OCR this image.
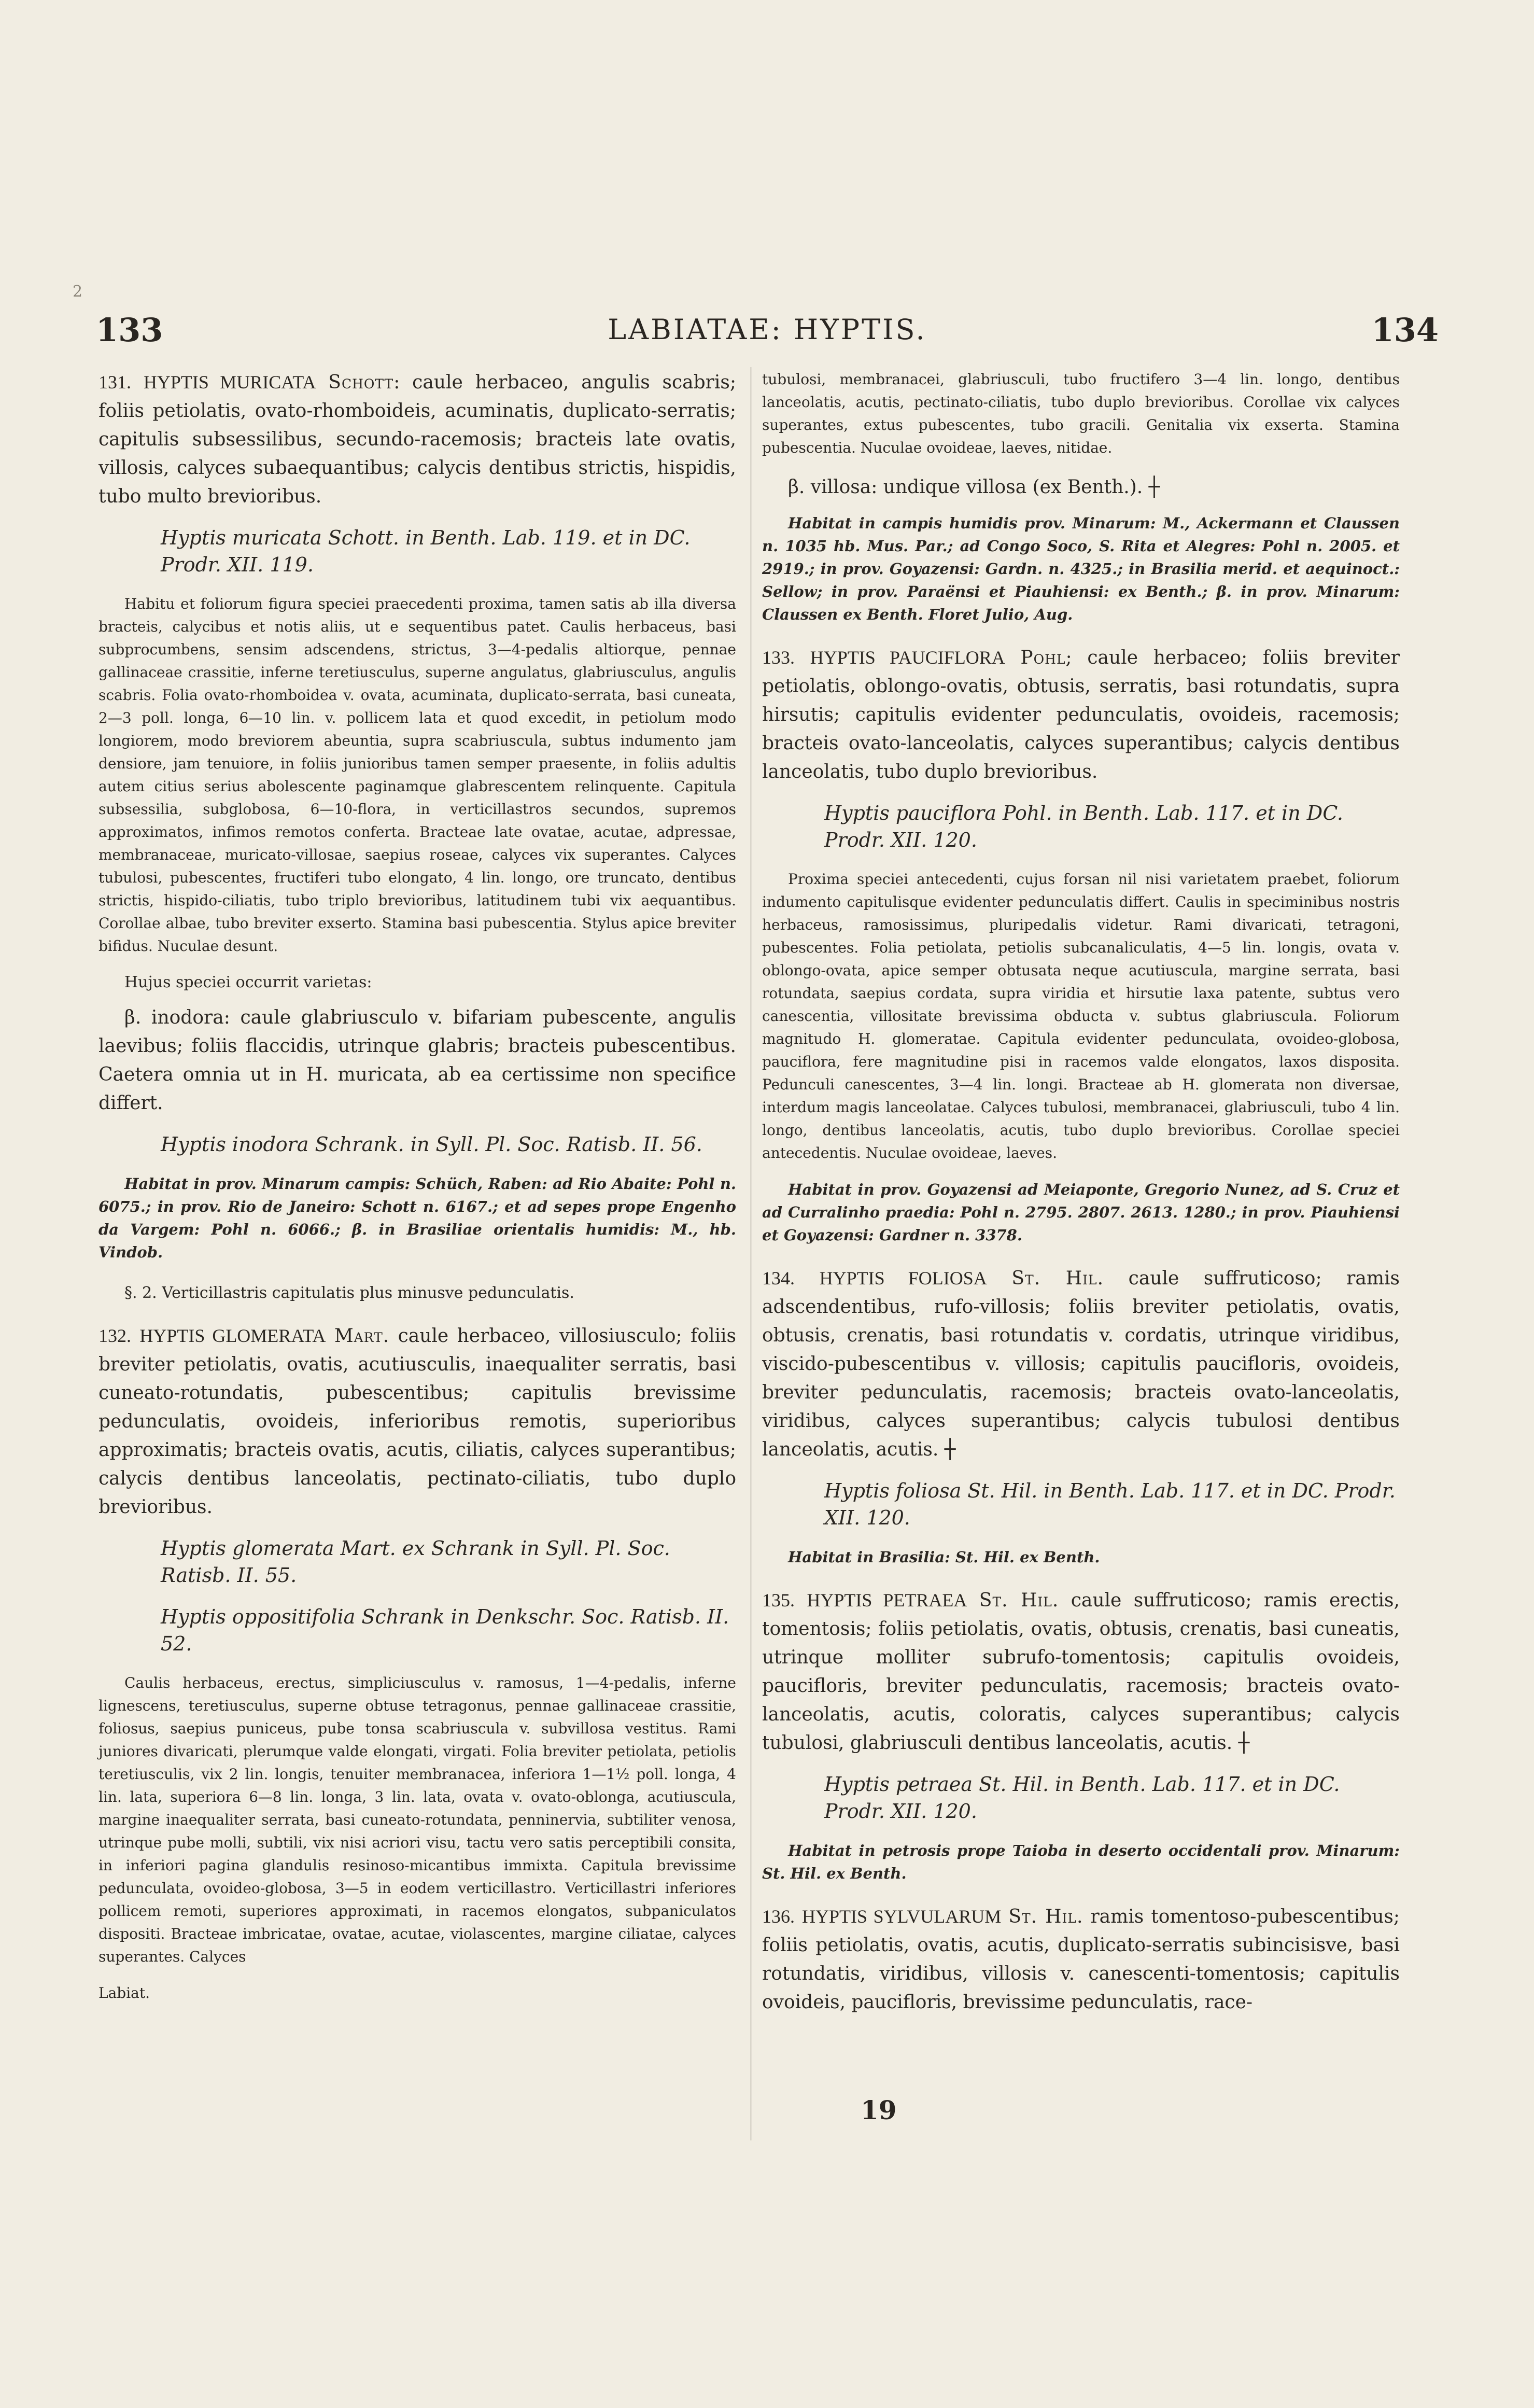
2
133	LABIATAE: HYPTIS.	134

131. HYPTIS MURICATA Schott: caule herbaceo, angulis scabris; foliis petiolatis, ovato-rhomboideis, acuminatis, duplicato-serratis; capitulis subsessilibus, secundo-racemosis; bracteis late ovatis, villosis, calyces subaequantibus; calycis dentibus strictis, hispidis, tubo multo brevioribus.

Hyptis muricata Schott. in Benth. Lab. 119. et in DC. Prodr. XII. 119.

Habitu et foliorum figura speciei praecedenti proxima, tamen satis ab illa diversa bracteis, calycibus et notis aliis, ut e sequentibus patet. Caulis herbaceus, basi subprocumbens, sensim adscendens, strictus, 3—4-pedalis altiorque, pennae gallinaceae crassitie, inferne teretiusculus, superne angulatus, glabriusculus, angulis scabris. Folia ovato-rhomboidea v. ovata, acuminata, duplicato-serrata, basi cuneata, 2—3 poll. longa, 6—10 lin. v. pollicem lata et quod excedit, in petiolum modo longiorem, modo breviorem abeuntia, supra scabriuscula, subtus indumento jam densiore, jam tenuiore, in foliis junioribus tamen semper praesente, in foliis adultis autem citius serius abolescente paginamque glabrescentem relinquente. Capitula subsessilia, subglobosa, 6—10-flora, in verticillastros secundos, supremos approximatos, infimos remotos conferta. Bracteae late ovatae, acutae, adpressae, membranaceae, muricato-villosae, saepius roseae, calyces vix superantes. Calyces tubulosi, pubescentes, fructiferi tubo elongato, 4 lin. longo, ore truncato, dentibus strictis, hispido-ciliatis, tubo triplo brevioribus, latitudinem tubi vix aequantibus. Corollae albae, tubo breviter exserto. Stamina basi pubescentia. Stylus apice breviter bifidus. Nuculae desunt.

Hujus speciei occurrit varietas:

β. inodora: caule glabriusculo v. bifariam pubescente, angulis laevibus; foliis flaccidis, utrinque glabris; bracteis pubescentibus. Caetera omnia ut in H. muricata, ab ea certissime non specifice differt.

Hyptis inodora Schrank. in Syll. Pl. Soc. Ratisb. II. 56.

Habitat in prov. Minarum campis: Schüch, Raben: ad Rio Abaite: Pohl n. 6075.; in prov. Rio de Janeiro: Schott n. 6167.; et ad sepes prope Engenho da Vargem: Pohl n. 6066.; β. in Brasiliae orientalis humidis: M., hb. Vindob.

§. 2. Verticillastris capitulatis plus minusve pedunculatis.

132. HYPTIS GLOMERATA Mart. caule herbaceo, villosiusculo; foliis breviter petiolatis, ovatis, acutiusculis, inaequaliter serratis, basi cuneato-rotundatis, pubescentibus; capitulis brevissime pedunculatis, ovoideis, inferioribus remotis, superioribus approximatis; bracteis ovatis, acutis, ciliatis, calyces superantibus; calycis dentibus lanceolatis, pectinato-ciliatis, tubo duplo brevioribus.

Hyptis glomerata Mart. ex Schrank in Syll. Pl. Soc. Ratisb. II. 55.

Hyptis oppositifolia Schrank in Denkschr. Soc. Ratisb. II. 52.

Caulis herbaceus, erectus, simpliciusculus v. ramosus, 1—4-pedalis, inferne lignescens, teretiusculus, superne obtuse tetragonus, pennae gallinaceae crassitie, foliosus, saepius puniceus, pube tonsa scabriuscula v. subvillosa vestitus. Rami juniores divaricati, plerumque valde elongati, virgati. Folia breviter petiolata, petiolis teretiusculis, vix 2 lin. longis, tenuiter membranacea, inferiora 1—1½ poll. longa, 4 lin. lata, superiora 6—8 lin. longa, 3 lin. lata, ovata v. ovato-oblonga, acutiuscula, margine inaequaliter serrata, basi cuneato-rotundata, penninervia, subtiliter venosa, utrinque pube molli, subtili, vix nisi acriori visu, tactu vero satis perceptibili consita, in inferiori pagina glandulis resinoso-micantibus immixta. Capitula brevissime pedunculata, ovoideo-globosa, 3—5 in eodem verticillastro. Verticillastri inferiores pollicem remoti, superiores approximati, in racemos elongatos, subpaniculatos dispositi. Bracteae imbricatae, ovatae, acutae, violascentes, margine ciliatae, calyces superantes. Calyces

Labiat.

tubulosi, membranacei, glabriusculi, tubo fructifero 3—4 lin. longo, dentibus lanceolatis, acutis, pectinato-ciliatis, tubo duplo brevioribus. Corollae vix calyces superantes, extus pubescentes, tubo gracili. Genitalia vix exserta. Stamina pubescentia. Nuculae ovoideae, laeves, nitidae.

β. villosa: undique villosa (ex Benth.). ┼

Habitat in campis humidis prov. Minarum: M., Ackermann et Claussen n. 1035 hb. Mus. Par.; ad Congo Soco, S. Rita et Alegres: Pohl n. 2005. et 2919.; in prov. Goyazensi: Gardn. n. 4325.; in Brasilia merid. et aequinoct.: Sellow; in prov. Paraënsi et Piauhiensi: ex Benth.; β. in prov. Minarum: Claussen ex Benth. Floret Julio, Aug.

133. HYPTIS PAUCIFLORA Pohl; caule herbaceo; foliis breviter petiolatis, oblongo-ovatis, obtusis, serratis, basi rotundatis, supra hirsutis; capitulis evidenter pedunculatis, ovoideis, racemosis; bracteis ovato-lanceolatis, calyces superantibus; calycis dentibus lanceolatis, tubo duplo brevioribus.

Hyptis pauciflora Pohl. in Benth. Lab. 117. et in DC. Prodr. XII. 120.

Proxima speciei antecedenti, cujus forsan nil nisi varietatem praebet, foliorum indumento capitulisque evidenter pedunculatis differt. Caulis in speciminibus nostris herbaceus, ramosissimus, pluripedalis videtur. Rami divaricati, tetragoni, pubescentes. Folia petiolata, petiolis subcanaliculatis, 4—5 lin. longis, ovata v. oblongo-ovata, apice semper obtusata neque acutiuscula, margine serrata, basi rotundata, saepius cordata, supra viridia et hirsutie laxa patente, subtus vero canescentia, villositate brevissima obducta v. subtus glabriuscula. Foliorum magnitudo H. glomeratae. Capitula evidenter pedunculata, ovoideo-globosa, pauciflora, fere magnitudine pisi in racemos valde elongatos, laxos disposita. Pedunculi canescentes, 3—4 lin. longi. Bracteae ab H. glomerata non diversae, interdum magis lanceolatae. Calyces tubulosi, membranacei, glabriusculi, tubo 4 lin. longo, dentibus lanceolatis, acutis, tubo duplo brevioribus. Corollae speciei antecedentis. Nuculae ovoideae, laeves.

Habitat in prov. Goyazensi ad Meiaponte, Gregorio Nunez, ad S. Cruz et ad Curralinho praedia: Pohl n. 2795. 2807. 2613. 1280.; in prov. Piauhiensi et Goyazensi: Gardner n. 3378.

134. HYPTIS FOLIOSA St. Hil. caule suffruticoso; ramis adscendentibus, rufo-villosis; foliis breviter petiolatis, ovatis, obtusis, crenatis, basi rotundatis v. cordatis, utrinque viridibus, viscido-pubescentibus v. villosis; capitulis paucifloris, ovoideis, breviter pedunculatis, racemosis; bracteis ovato-lanceolatis, viridibus, calyces superantibus; calycis tubulosi dentibus lanceolatis, acutis. ┼

Hyptis foliosa St. Hil. in Benth. Lab. 117. et in DC. Prodr. XII. 120.

Habitat in Brasilia: St. Hil. ex Benth.

135. HYPTIS PETRAEA St. Hil. caule suffruticoso; ramis erectis, tomentosis; foliis petiolatis, ovatis, obtusis, crenatis, basi cuneatis, utrinque molliter subrufo-tomentosis; capitulis ovoideis, paucifloris, breviter pedunculatis, racemosis; bracteis ovato-lanceolatis, acutis, coloratis, calyces superantibus; calycis tubulosi, glabriusculi dentibus lanceolatis, acutis. ┼

Hyptis petraea St. Hil. in Benth. Lab. 117. et in DC. Prodr. XII. 120.

Habitat in petrosis prope Taioba in deserto occidentali prov. Minarum: St. Hil. ex Benth.

136. HYPTIS SYLVULARUM St. Hil. ramis tomentoso-pubescentibus; foliis petiolatis, ovatis, acutis, duplicato-serratis subincisisve, basi rotundatis, viridibus, villosis v. canescenti-tomentosis; capitulis ovoideis, paucifloris, brevissime pedunculatis, race-

19
